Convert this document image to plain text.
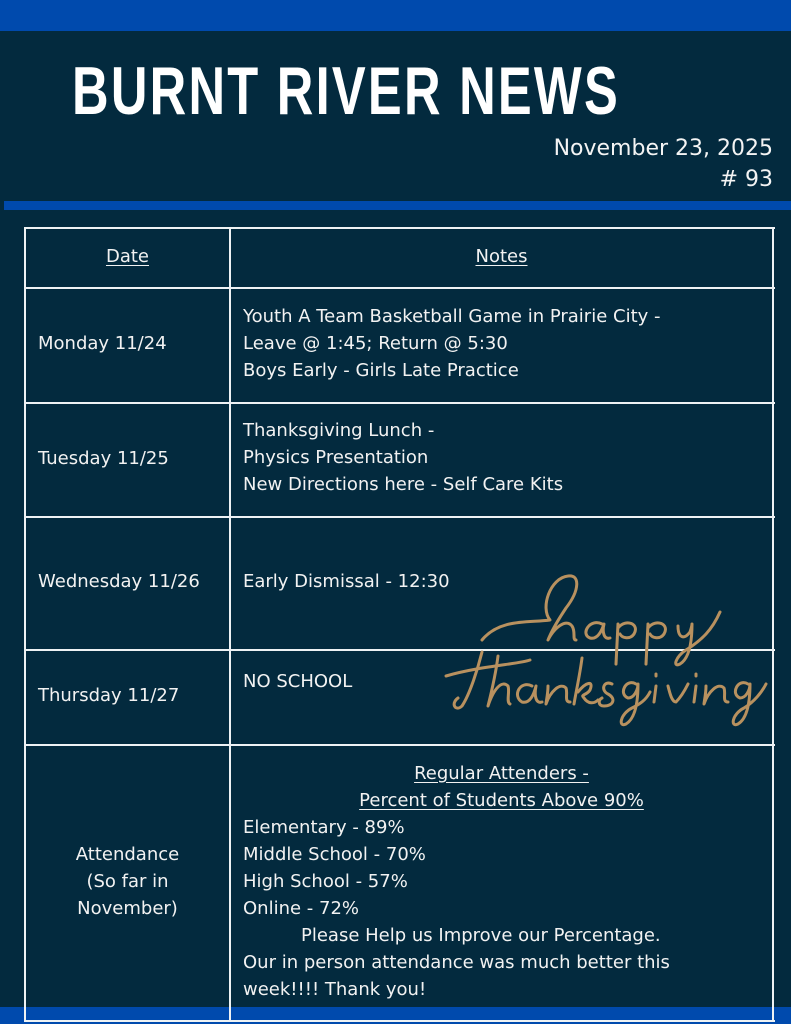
BURNT RIVER NEWS
November 23, 2025
# 93
Date	Notes
Monday 11/24
Youth A Team Basketball Game in Prairie City -
Leave @ 1:45; Return @ 5:30
Boys Early - Girls Late Practice
Tuesday 11/25
Thanksgiving Lunch -
Physics Presentation
New Directions here - Self Care Kits
Wednesday 11/26 Early Dismissal - 12:30
Thursday 11/27
NO SCHOOL
Attendance
(So far in
November)
Regular Attenders -
Percent of Students Above 90%
Elementary - 89%
Middle School - 70%
High School - 57%
Online - 72%
Please Help us Improve our Percentage.
Our in person attendance was much better this
week!!!! Thank you!
